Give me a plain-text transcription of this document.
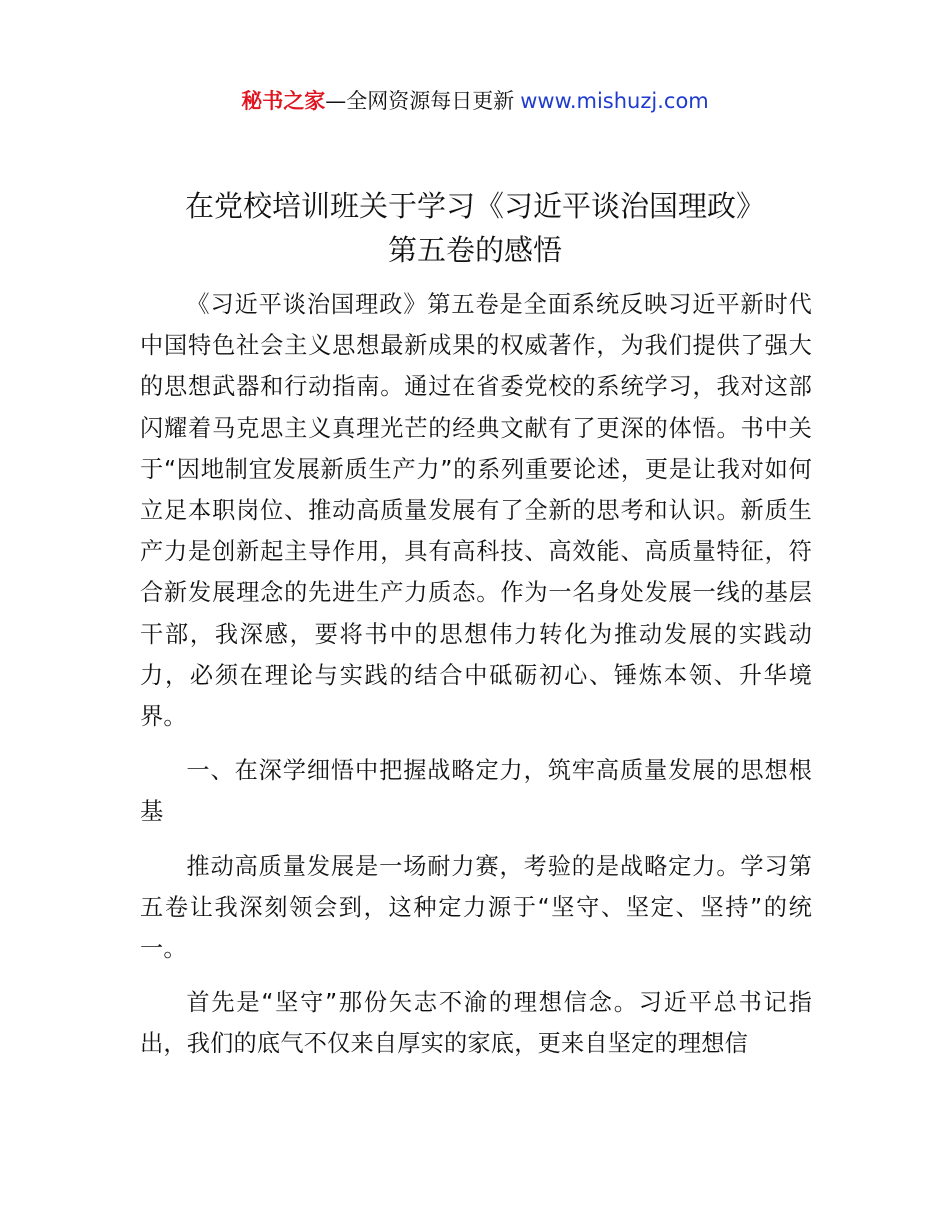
秘书之家—全网资源每日更新 www.mishuzj.com
在党校培训班关于学习《习近平谈治国理政》
第五卷的感悟

《习近平谈治国理政》第五卷是全面系统反映习近平新时代中国特色社会主义思想最新成果的权威著作，为我们提供了强大的思想武器和行动指南。通过在省委党校的系统学习，我对这部闪耀着马克思主义真理光芒的经典文献有了更深的体悟。书中关于“因地制宜发展新质生产力”的系列重要论述，更是让我对如何立足本职岗位、推动高质量发展有了全新的思考和认识。新质生产力是创新起主导作用，具有高科技、高效能、高质量特征，符合新发展理念的先进生产力质态。作为一名身处发展一线的基层干部，我深感，要将书中的思想伟力转化为推动发展的实践动力，必须在理论与实践的结合中砥砺初心、锤炼本领、升华境界。

一、在深学细悟中把握战略定力，筑牢高质量发展的思想根基

推动高质量发展是一场耐力赛，考验的是战略定力。学习第五卷让我深刻领会到，这种定力源于“坚守、坚定、坚持”的统一。

首先是“坚守”那份矢志不渝的理想信念。习近平总书记指出，我们的底气不仅来自厚实的家底，更来自坚定的理想信
